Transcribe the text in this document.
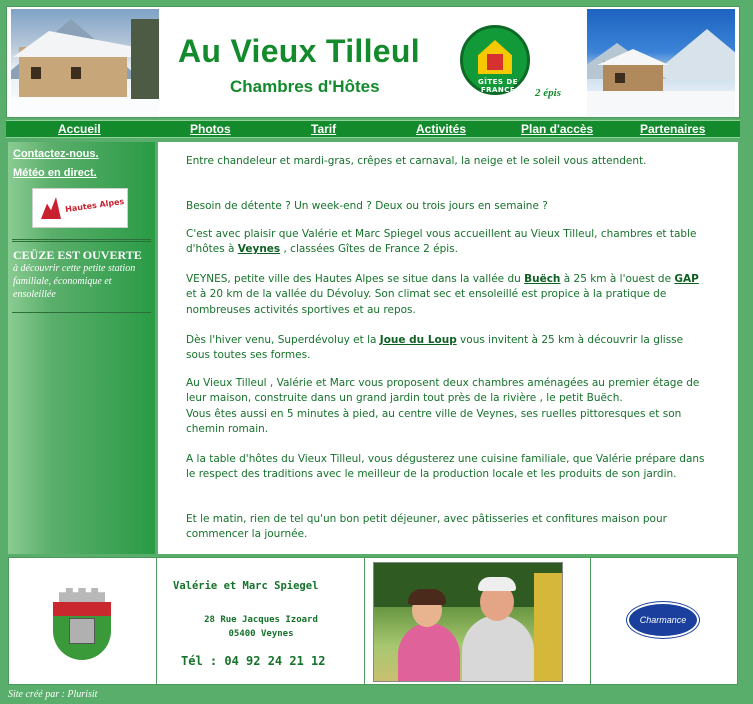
Au Vieux Tilleul
Chambres d'Hôtes	GÎTES DE FRANCE	2 épis
Accueil	Photos	Tarif	Activités	Plan d'accès	Partenaires
Contactez-nous.
Météo en direct.
Hautes Alpes
CEÜZE EST OUVERTE
à découvrir cette petite station familiale, économique et ensoleillée

Entre chandeleur et mardi-gras, crêpes et carnaval, la neige et le soleil vous attendent.

Besoin de détente ? Un week-end ? Deux ou trois jours en semaine ?

C'est avec plaisir que Valérie et Marc Spiegel vous accueillent au Vieux Tilleul, chambres et table d'hôtes à Veynes , classées Gîtes de France 2 épis.

VEYNES, petite ville des Hautes Alpes se situe dans la vallée du Buëch à 25 km à l'ouest de GAP et à 20 km de la vallée du Dévoluy. Son climat sec et ensoleillé est propice à la pratique de nombreuses activités sportives et au repos.

Dès l'hiver venu, Superdévoluy et la Joue du Loup vous invitent à 25 km à découvrir la glisse sous toutes ses formes.

Au Vieux Tilleul , Valérie et Marc vous proposent deux chambres aménagées au premier étage de leur maison, construite dans un grand jardin tout près de la rivière , le petit Buëch.
Vous êtes aussi en 5 minutes à pied, au centre ville de Veynes, ses ruelles pittoresques et son chemin romain.

A la table d'hôtes du Vieux Tilleul, vous dégusterez une cuisine familiale, que Valérie prépare dans le respect des traditions avec le meilleur de la production locale et les produits de son jardin.

Et le matin, rien de tel qu'un bon petit déjeuner, avec pâtisseries et confitures maison pour commencer la journée.

Valérie et Marc Spiegel
28 Rue Jacques Izoard
05400 Veynes
Tél : 04 92 24 21 12
Charmance
Site créé par : Plurisit
